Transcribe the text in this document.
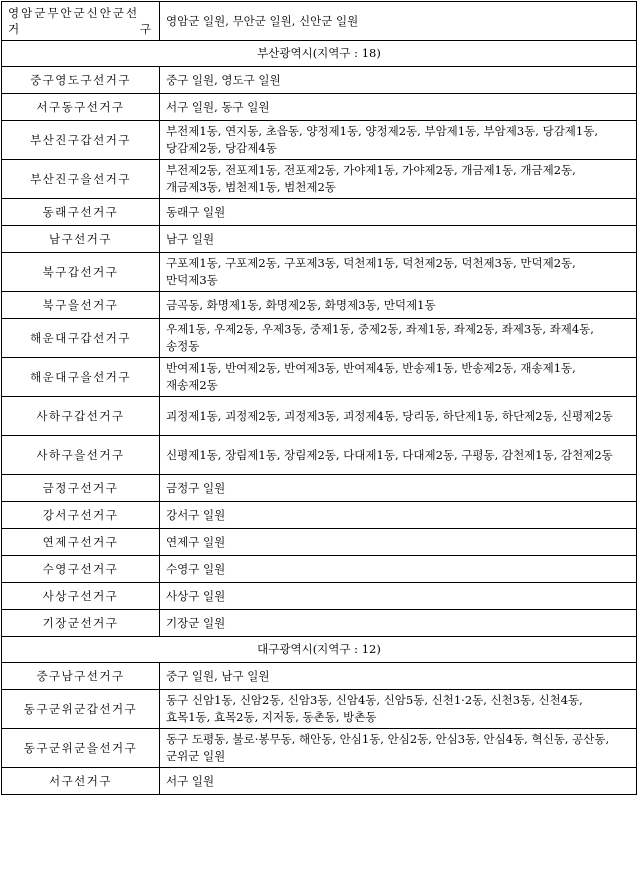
영암군무안군신안군선 거 구	영암군 일원, 무안군 일원, 신안군 일원
부산광역시(지역구 : 18)	
중구영도구선거구	중구 일원, 영도구 일원
서구동구선거구	서구 일원, 동구 일원
부산진구갑선거구	부전제1동, 연지동, 초읍동, 양정제1동, 양정제2동, 부암제1동, 부암제3동, 당감제1동, 당감제2동, 당감제4동
부산진구을선거구	부전제2동, 전포제1동, 전포제2동, 가야제1동, 가야제2동, 개금제1동, 개금제2동, 개금제3동, 범천제1동, 범천제2동
동래구선거구	동래구 일원
남구선거구	남구 일원
북구갑선거구	구포제1동, 구포제2동, 구포제3동, 덕천제1동, 덕천제2동, 덕천제3동, 만덕제2동, 만덕제3동
북구을선거구	금곡동, 화명제1동, 화명제2동, 화명제3동, 만덕제1동
해운대구갑선거구	우제1동, 우제2동, 우제3동, 중제1동, 중제2동, 좌제1동, 좌제2동, 좌제3동, 좌제4동, 송정동
해운대구을선거구	반여제1동, 반여제2동, 반여제3동, 반여제4동, 반송제1동, 반송제2동, 재송제1동, 재송제2동
사하구갑선거구	괴정제1동, 괴정제2동, 괴정제3동, 괴정제4동, 당리동, 하단제1동, 하단제2동, 신평제2동
사하구을선거구	신평제1동, 장림제1동, 장림제2동, 다대제1동, 다대제2동, 구평동, 감천제1동, 감천제2동
금정구선거구	금정구 일원
강서구선거구	강서구 일원
연제구선거구	연제구 일원
수영구선거구	수영구 일원
사상구선거구	사상구 일원
기장군선거구	기장군 일원
대구광역시(지역구 : 12)	
중구남구선거구	중구 일원, 남구 일원
동구군위군갑선거구	동구 신암1동, 신암2동, 신암3동, 신암4동, 신암5동, 신천1·2동, 신천3동, 신천4동, 효목1동, 효목2동, 지저동, 동촌동, 방촌동
동구군위군을선거구	동구 도평동, 불로·봉무동, 해안동, 안심1동, 안심2동, 안심3동, 안심4동, 혁신동, 공산동, 군위군 일원
서구선거구	서구 일원
